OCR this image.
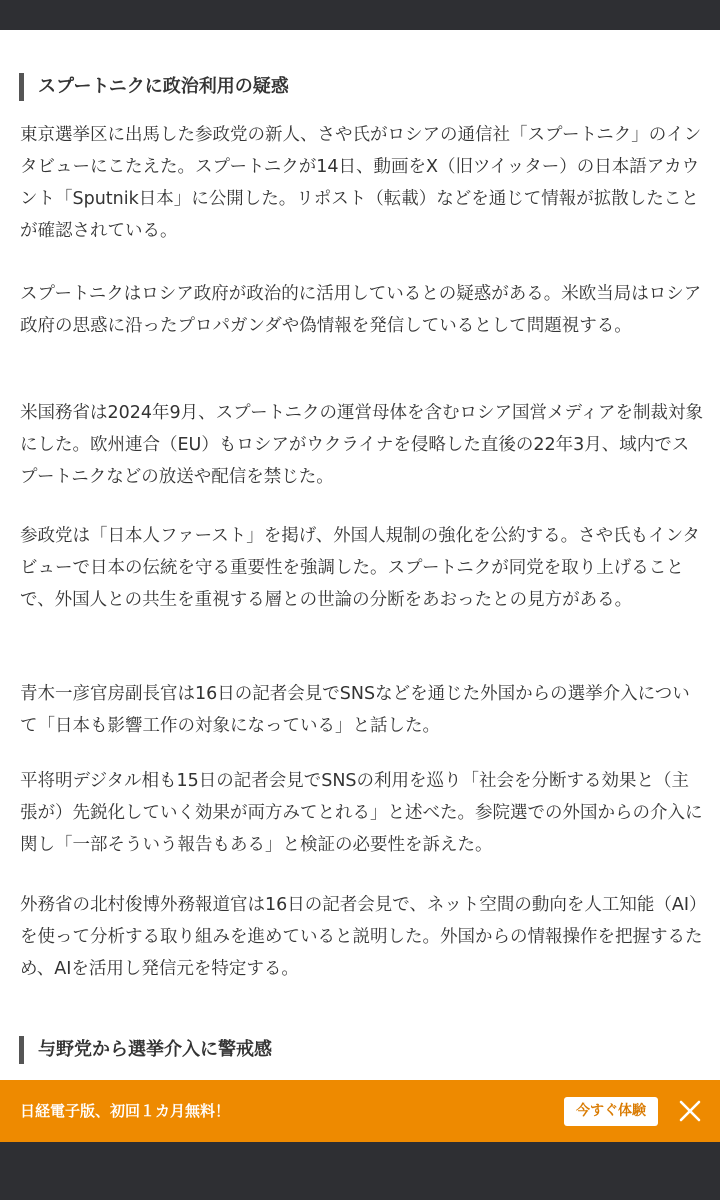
スプートニクに政治利用の疑惑

東京選挙区に出馬した参政党の新人、さや氏がロシアの通信社「スプートニク」のインタビューにこたえた。スプートニクが14日、動画をX（旧ツイッター）の日本語アカウント「Sputnik日本」に公開した。リポスト（転載）などを通じて情報が拡散したことが確認されている。

スプートニクはロシア政府が政治的に活用しているとの疑惑がある。米欧当局はロシア政府の思惑に沿ったプロパガンダや偽情報を発信しているとして問題視する。

米国務省は2024年9月、スプートニクの運営母体を含むロシア国営メディアを制裁対象にした。欧州連合（EU）もロシアがウクライナを侵略した直後の22年3月、域内でスプートニクなどの放送や配信を禁じた。

参政党は「日本人ファースト」を掲げ、外国人規制の強化を公約する。さや氏もインタビューで日本の伝統を守る重要性を強調した。スプートニクが同党を取り上げることで、外国人との共生を重視する層との世論の分断をあおったとの見方がある。

青木一彦官房副長官は16日の記者会見でSNSなどを通じた外国からの選挙介入について「日本も影響工作の対象になっている」と話した。

平将明デジタル相も15日の記者会見でSNSの利用を巡り「社会を分断する効果と（主張が）先鋭化していく効果が両方みてとれる」と述べた。参院選での外国からの介入に関し「一部そういう報告もある」と検証の必要性を訴えた。

外務省の北村俊博外務報道官は16日の記者会見で、ネット空間の動向を人工知能（AI）を使って分析する取り組みを進めていると説明した。外国からの情報操作を把握するため、AIを活用し発信元を特定する。

与野党から選挙介入に警戒感
日経電子版、初回１カ月無料！	今すぐ体験
